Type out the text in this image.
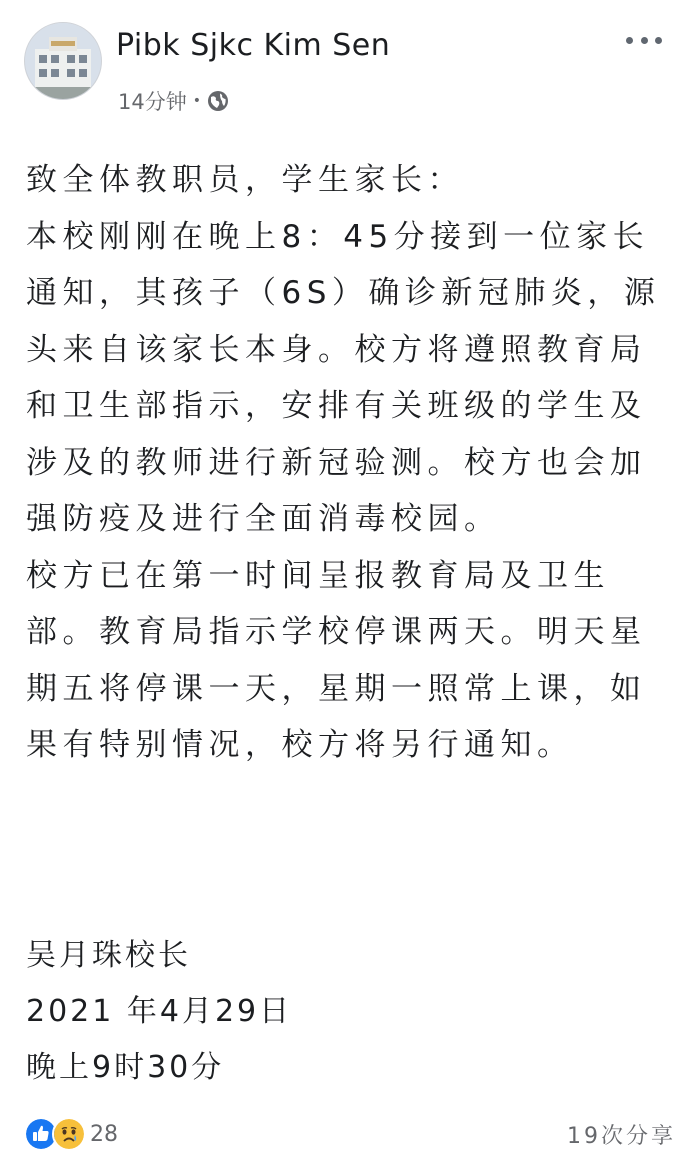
Pibk Sjkc Kim Sen
14分钟 •

致全体教职员，学生家长：

本校刚刚在晚上8：45分接到一位家长通知，其孩子（6S）确诊新冠肺炎，源头来自该家长本身。校方将遵照教育局和卫生部指示，安排有关班级的学生及涉及的教师进行新冠验测。校方也会加强防疫及进行全面消毒校园。

校方已在第一时间呈报教育局及卫生部。教育局指示学校停课两天。明天星期五将停课一天，星期一照常上课，如果有特别情况，校方将另行通知。

吴月珠校长

2021 年4月29日

晚上9时30分

28	19次分享
